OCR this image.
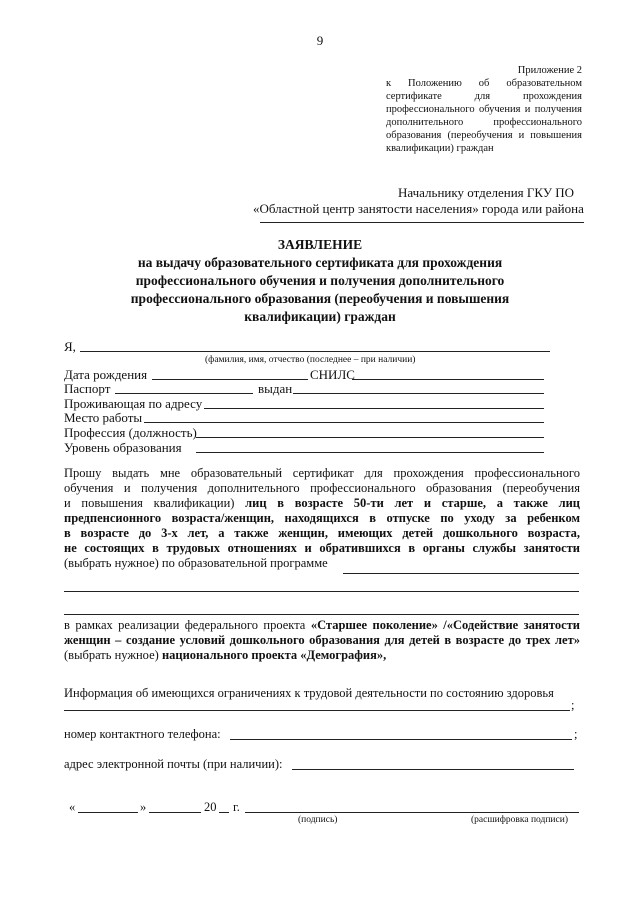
9
Приложение 2
к Положению об образовательном
сертификате для прохождения
профессионального обучения и получения
дополнительного профессионального
образования (переобучения и повышения
квалификации) граждан
Начальнику отделения ГКУ ПО
«Областной центр занятости населения» города или района
ЗАЯВЛЕНИЕ
на выдачу образовательного сертификата для прохождения
профессионального обучения и получения дополнительного
профессионального образования (переобучения и повышения
квалификации) граждан
Я,
(фамилия, имя, отчество (последнее – при наличии)
Дата рождения	СНИЛС
Паспорт	выдан
Проживающая по адресу
Место работы
Профессия (должность)
Уровень образования
Прошу выдать мне образовательный сертификат для прохождения профессионального
обучения и получения дополнительного профессионального образования (переобучения
и повышения квалификации) лиц в возрасте 50-ти лет и старше, а также лиц
предпенсионного возраста/женщин, находящихся в отпуске по уходу за ребенком
в возрасте до 3-х лет, а также женщин, имеющих детей дошкольного возраста,
не состоящих в трудовых отношениях и обратившихся в органы службы занятости
(выбрать нужное) по образовательной программе
в рамках реализации федерального проекта «Старшее поколение» /«Содействие занятости
женщин – создание условий дошкольного образования для детей в возрасте до трех лет»
(выбрать нужное) национального проекта «Демография»,
Информация об имеющихся ограничениях к трудовой деятельности по состоянию здоровья
;
номер контактного телефона:	;
адрес электронной почты (при наличии):
«	»	20 г.
(подпись)	(расшифровка подписи)
